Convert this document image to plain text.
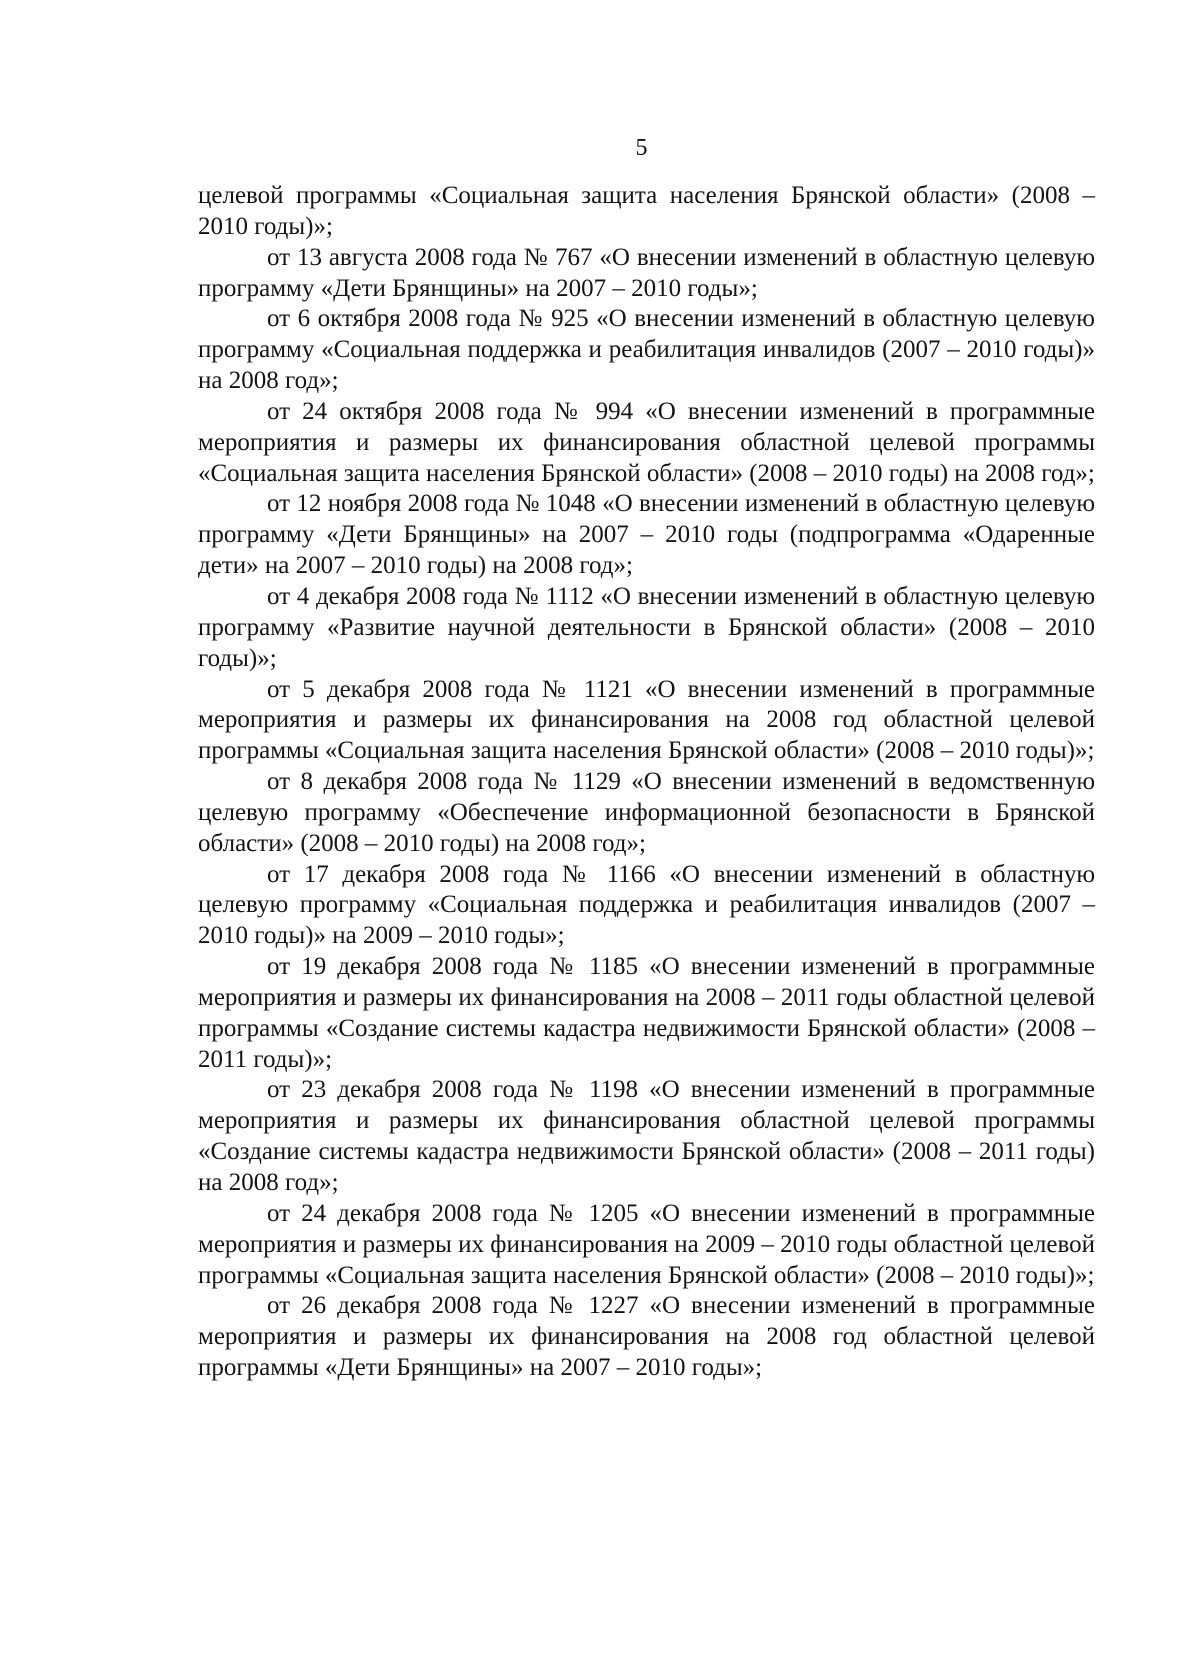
5

целевой программы «Социальная защита населения Брянской области» (2008 – 2010 годы)»;

от 13 августа 2008 года № 767 «О внесении изменений в областную целевую программу «Дети Брянщины» на 2007 – 2010 годы»;

от 6 октября 2008 года № 925 «О внесении изменений в областную целевую программу «Социальная поддержка и реабилитация инвалидов (2007 – 2010 годы)» на 2008 год»;

от 24 октября 2008 года № 994 «О внесении изменений в программные мероприятия и размеры их финансирования областной целевой программы «Социальная защита населения Брянской области» (2008 – 2010 годы) на 2008 год»;

от 12 ноября 2008 года № 1048 «О внесении изменений в областную целевую программу «Дети Брянщины» на 2007 – 2010 годы (подпрограмма «Одаренные дети» на 2007 – 2010 годы) на 2008 год»;

от 4 декабря 2008 года № 1112 «О внесении изменений в областную целевую программу «Развитие научной деятельности в Брянской области» (2008 – 2010 годы)»;

от 5 декабря 2008 года № 1121 «О внесении изменений в программные мероприятия и размеры их финансирования на 2008 год областной целевой программы «Социальная защита населения Брянской области» (2008 – 2010 годы)»;

от 8 декабря 2008 года № 1129 «О внесении изменений в ведомственную целевую программу «Обеспечение информационной безопасности в Брянской области» (2008 – 2010 годы) на 2008 год»;

от 17 декабря 2008 года № 1166 «О внесении изменений в областную целевую программу «Социальная поддержка и реабилитация инвалидов (2007 – 2010 годы)» на 2009 – 2010 годы»;

от 19 декабря 2008 года № 1185 «О внесении изменений в программные мероприятия и размеры их финансирования на 2008 – 2011 годы областной целевой программы «Создание системы кадастра недвижимости Брянской области» (2008 – 2011 годы)»;

от 23 декабря 2008 года № 1198 «О внесении изменений в программные мероприятия и размеры их финансирования областной целевой программы «Создание системы кадастра недвижимости Брянской области» (2008 – 2011 годы) на 2008 год»;

от 24 декабря 2008 года № 1205 «О внесении изменений в программные мероприятия и размеры их финансирования на 2009 – 2010 годы областной целевой программы «Социальная защита населения Брянской области» (2008 – 2010 годы)»;

от 26 декабря 2008 года № 1227 «О внесении изменений в программные мероприятия и размеры их финансирования на 2008 год областной целевой программы «Дети Брянщины» на 2007 – 2010 годы»;
